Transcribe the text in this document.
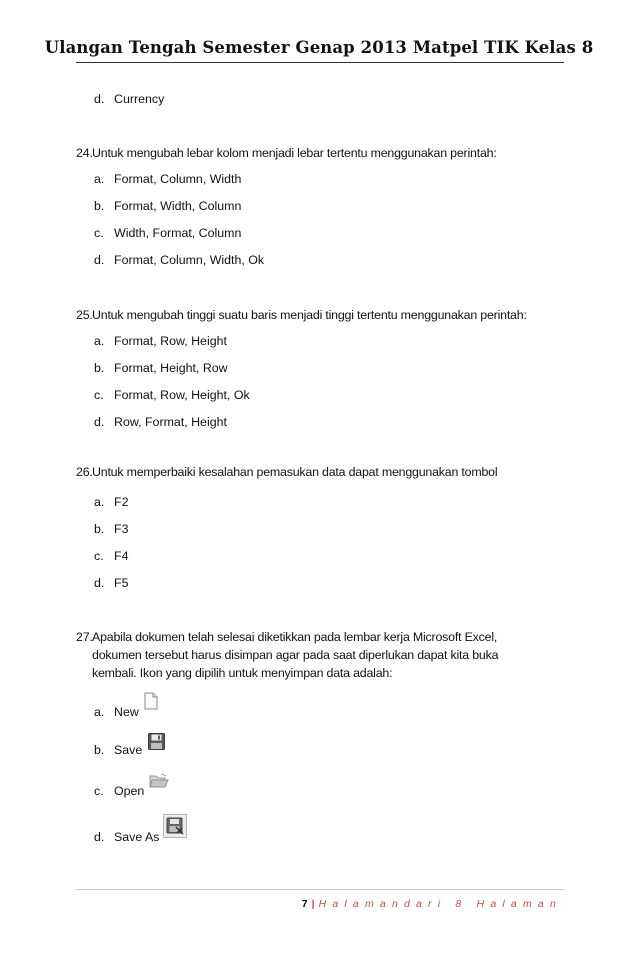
Ulangan Tengah Semester Genap 2013 Matpel TIK Kelas 8
d. Currency
24. Untuk mengubah lebar kolom menjadi lebar tertentu menggunakan perintah:
a. Format, Column, Width
b. Format, Width, Column
c. Width, Format, Column
d. Format, Column, Width, Ok
25. Untuk mengubah tinggi suatu baris menjadi tinggi tertentu menggunakan perintah:
a. Format, Row, Height
b. Format, Height, Row
c. Format, Row, Height, Ok
d. Row, Format, Height
26. Untuk memperbaiki kesalahan pemasukan data dapat menggunakan tombol
a. F2
b. F3
c. F4
d. F5
27. Apabila dokumen telah selesai diketikkan pada lembar kerja Microsoft Excel,
dokumen tersebut harus disimpan agar pada saat diperlukan dapat kita buka
kembali. Ikon yang dipilih untuk menyimpan data adalah:
a. New
b. Save
c. Open
d. Save As
7 | Halamandari 8 Halaman
